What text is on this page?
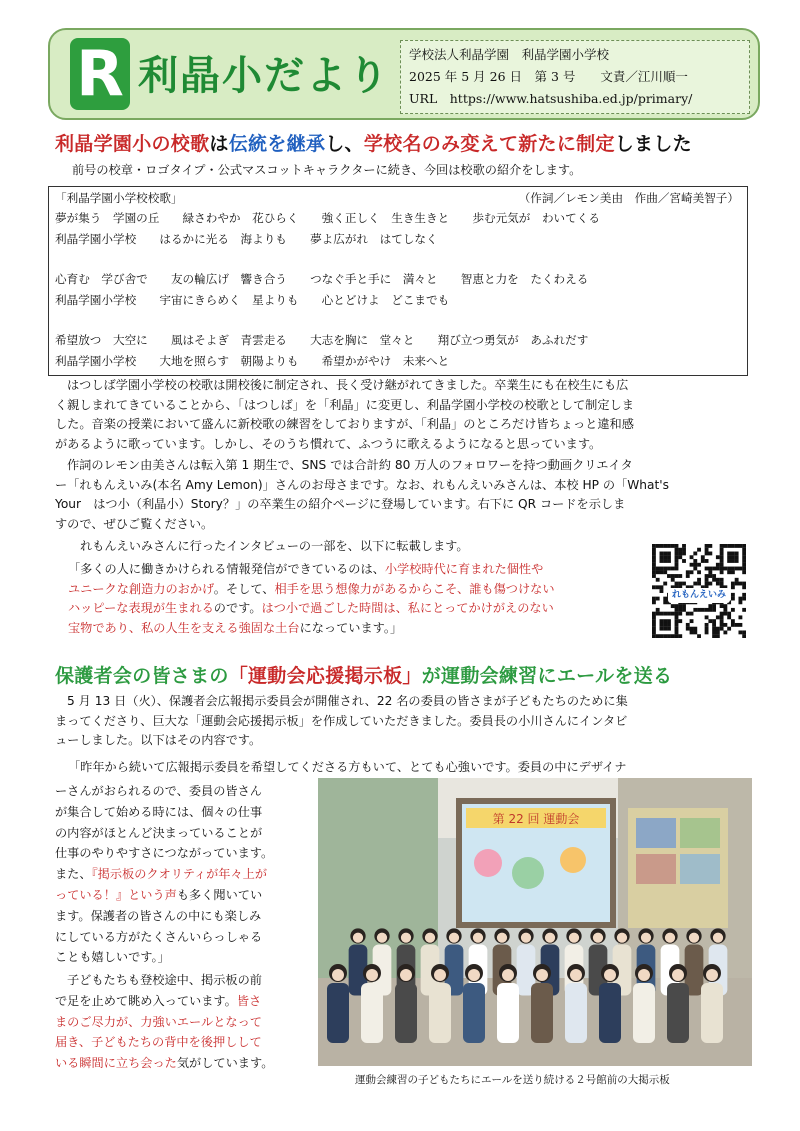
R 利晶小だより 学校法人利晶学園　利晶学園小学校
2025 年 5 月 26 日　第 3 号　　文責／江川順一
URL　https://www.hatsushiba.ed.jp/primary/
利晶学園小の校歌は伝統を継承し、学校名のみ変えて新たに制定しました
前号の校章・ロゴタイプ・公式マスコットキャラクターに続き、今回は校歌の紹介をします。
「利晶学園小学校校歌」	（作詞／レモン美由　作曲／宮崎美智子）
夢が集う　学園の丘　　緑さわやか　花ひらく　　強く正しく　生き生きと　　歩む元気が　わいてくる
利晶学園小学校　　はるかに光る　海よりも　　夢よ広がれ　はてしなく
心育む　学び舎で　　友の輪広げ　響き合う　　つなぐ手と手に　満々と　　智恵と力を　たくわえる
利晶学園小学校　　宇宙にきらめく　星よりも　　心とどけよ　どこまでも
希望放つ　大空に　　風はそよぎ　青雲走る　　大志を胸に　堂々と　　翔び立つ勇気が　あふれだす
利晶学園小学校　　大地を照らす　朝陽よりも　　希望かがやけ　未来へと
はつしば学園小学校の校歌は開校後に制定され、長く受け継がれてきました。卒業生にも在校生にも広
く親しまれてきていることから、「はつしば」を「利晶」に変更し、利晶学園小学校の校歌として制定しま
した。音楽の授業において盛んに新校歌の練習をしておりますが、「利晶」のところだけ皆ちょっと違和感
があるように歌っています。しかし、そのうち慣れて、ふつうに歌えるようになると思っています。
作詞のレモン由美さんは転入第 1 期生で、SNS では合計約 80 万人のフォロワーを持つ動画クリエイタ
ー「れもんえいみ(本名 Amy Lemon)」さんのお母さまです。なお、れもんえいみさんは、本校 HP の「What's
Your　はつ小（利晶小）Story？」の卒業生の紹介ページに登場しています。右下に QR コードを示しま
すので、ぜひご覧ください。
れもんえいみさんに行ったインタビューの一部を、以下に転載します。
「多くの人に働きかけられる情報発信ができているのは、小学校時代に育まれた個性や
ユニークな創造力のおかげ。そして、相手を思う想像力があるからこそ、誰も傷つけない
ハッピーな表現が生まれるのです。はつ小で過ごした時間は、私にとってかけがえのない
宝物であり、私の人生を支える強固な土台になっています。」
れもんえいみ
保護者会の皆さまの「運動会応援掲示板」が運動会練習にエールを送る
5 月 13 日（火）、保護者会広報掲示委員会が開催され、22 名の委員の皆さまが子どもたちのために集
まってくださり、巨大な「運動会応援掲示板」を作成していただきました。委員長の小川さんにインタビ
ューしました。以下はその内容です。
「昨年から続いて広報掲示委員を希望してくださる方もいて、とても心強いです。委員の中にデザイナ
ーさんがおられるので、委員の皆さん
が集合して始める時には、個々の仕事
の内容がほとんど決まっていることが
仕事のやりやすさにつながっています。
また、『掲示板のクオリティが年々上が
っている！』という声も多く聞いてい
ます。保護者の皆さんの中にも楽しみ
にしている方がたくさんいらっしゃる
ことも嬉しいです。」
子どもたちも登校途中、掲示板の前
で足を止めて眺め入っています。皆さ
まのご尽力が、力強いエールとなって
届き、子どもたちの背中を後押しして
いる瞬間に立ち会った気がしています。
第 22 回 運動会
運動会練習の子どもたちにエールを送り続ける２号館前の大掲示板
